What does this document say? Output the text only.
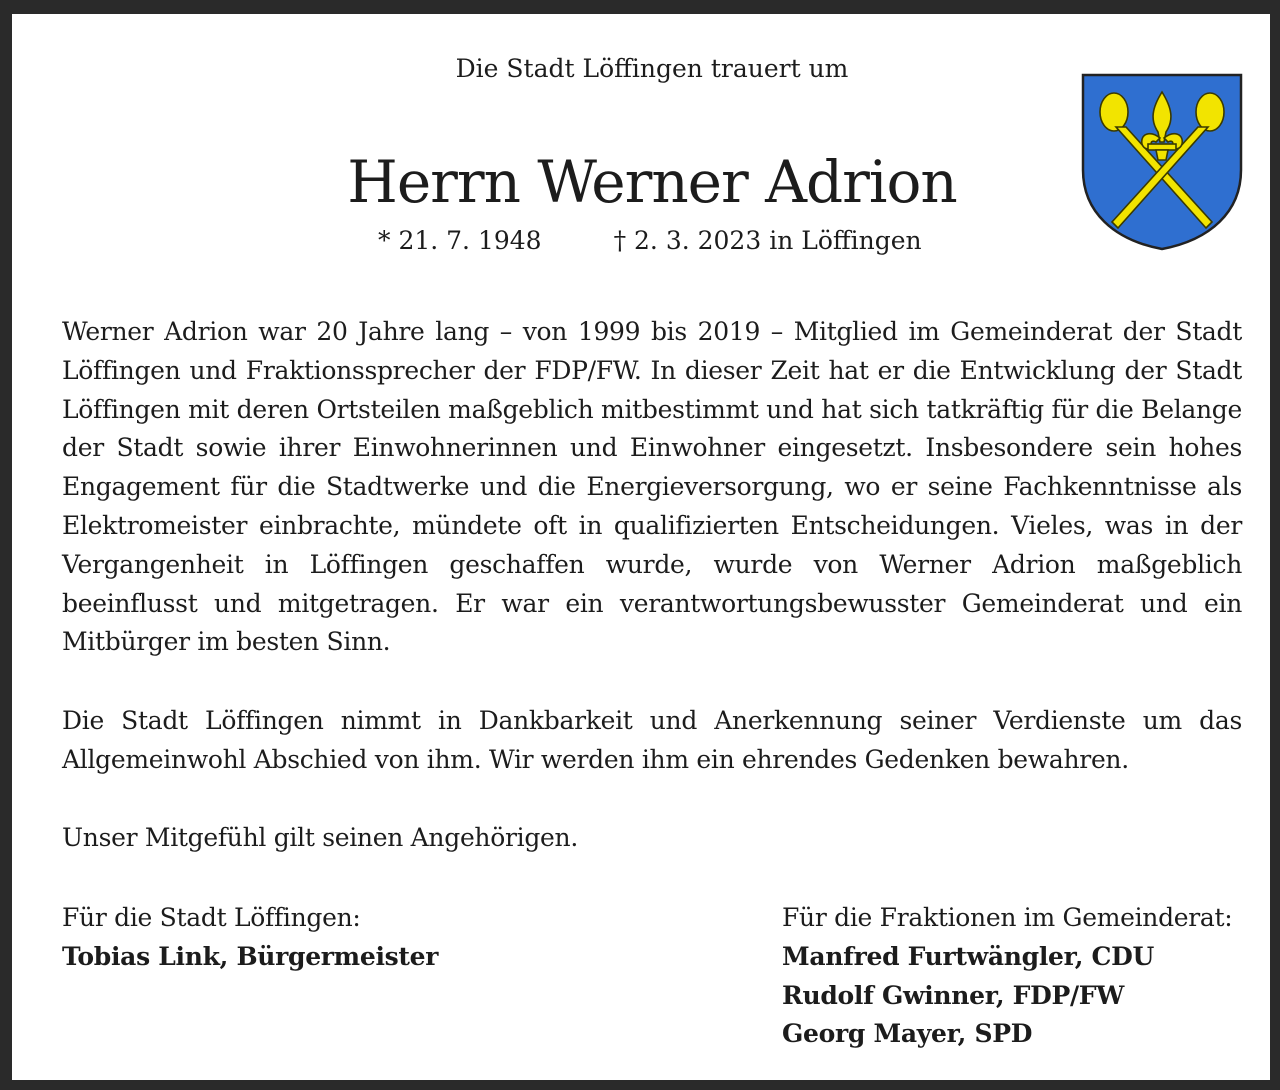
Die Stadt Löffingen trauert um
Herrn Werner Adrion
* 21. 7. 1948	† 2. 3. 2023 in Löffingen
Werner Adrion war 20 Jahre lang – von 1999 bis 2019 – Mitglied im Gemeinderat der Stadt Löffingen und Fraktionssprecher der FDP/FW. In dieser Zeit hat er die Entwicklung der Stadt Löffingen mit deren Ortsteilen maßgeblich mitbestimmt und hat sich tatkräftig für die Belange der Stadt sowie ihrer Einwohnerinnen und Einwohner eingesetzt. Insbesondere sein hohes Engagement für die Stadtwerke und die Energieversorgung, wo er seine Fachkenntnisse als Elektromeister einbrachte, mündete oft in qualifizierten Entscheidungen. Vieles, was in der Vergangenheit in Löffingen geschaffen wurde, wurde von Werner Adrion maßgeblich beeinflusst und mitgetragen. Er war ein verantwortungsbewusster Gemeinderat und ein Mitbürger im besten Sinn.
Die Stadt Löffingen nimmt in Dankbarkeit und Anerkennung seiner Verdienste um das Allgemeinwohl Abschied von ihm. Wir werden ihm ein ehrendes Gedenken bewahren.
Unser Mitgefühl gilt seinen Angehörigen.
Für die Stadt Löffingen:
Tobias Link, Bürgermeister
Für die Fraktionen im Gemeinderat:
Manfred Furtwängler, CDU
Rudolf Gwinner, FDP/FW
Georg Mayer, SPD
